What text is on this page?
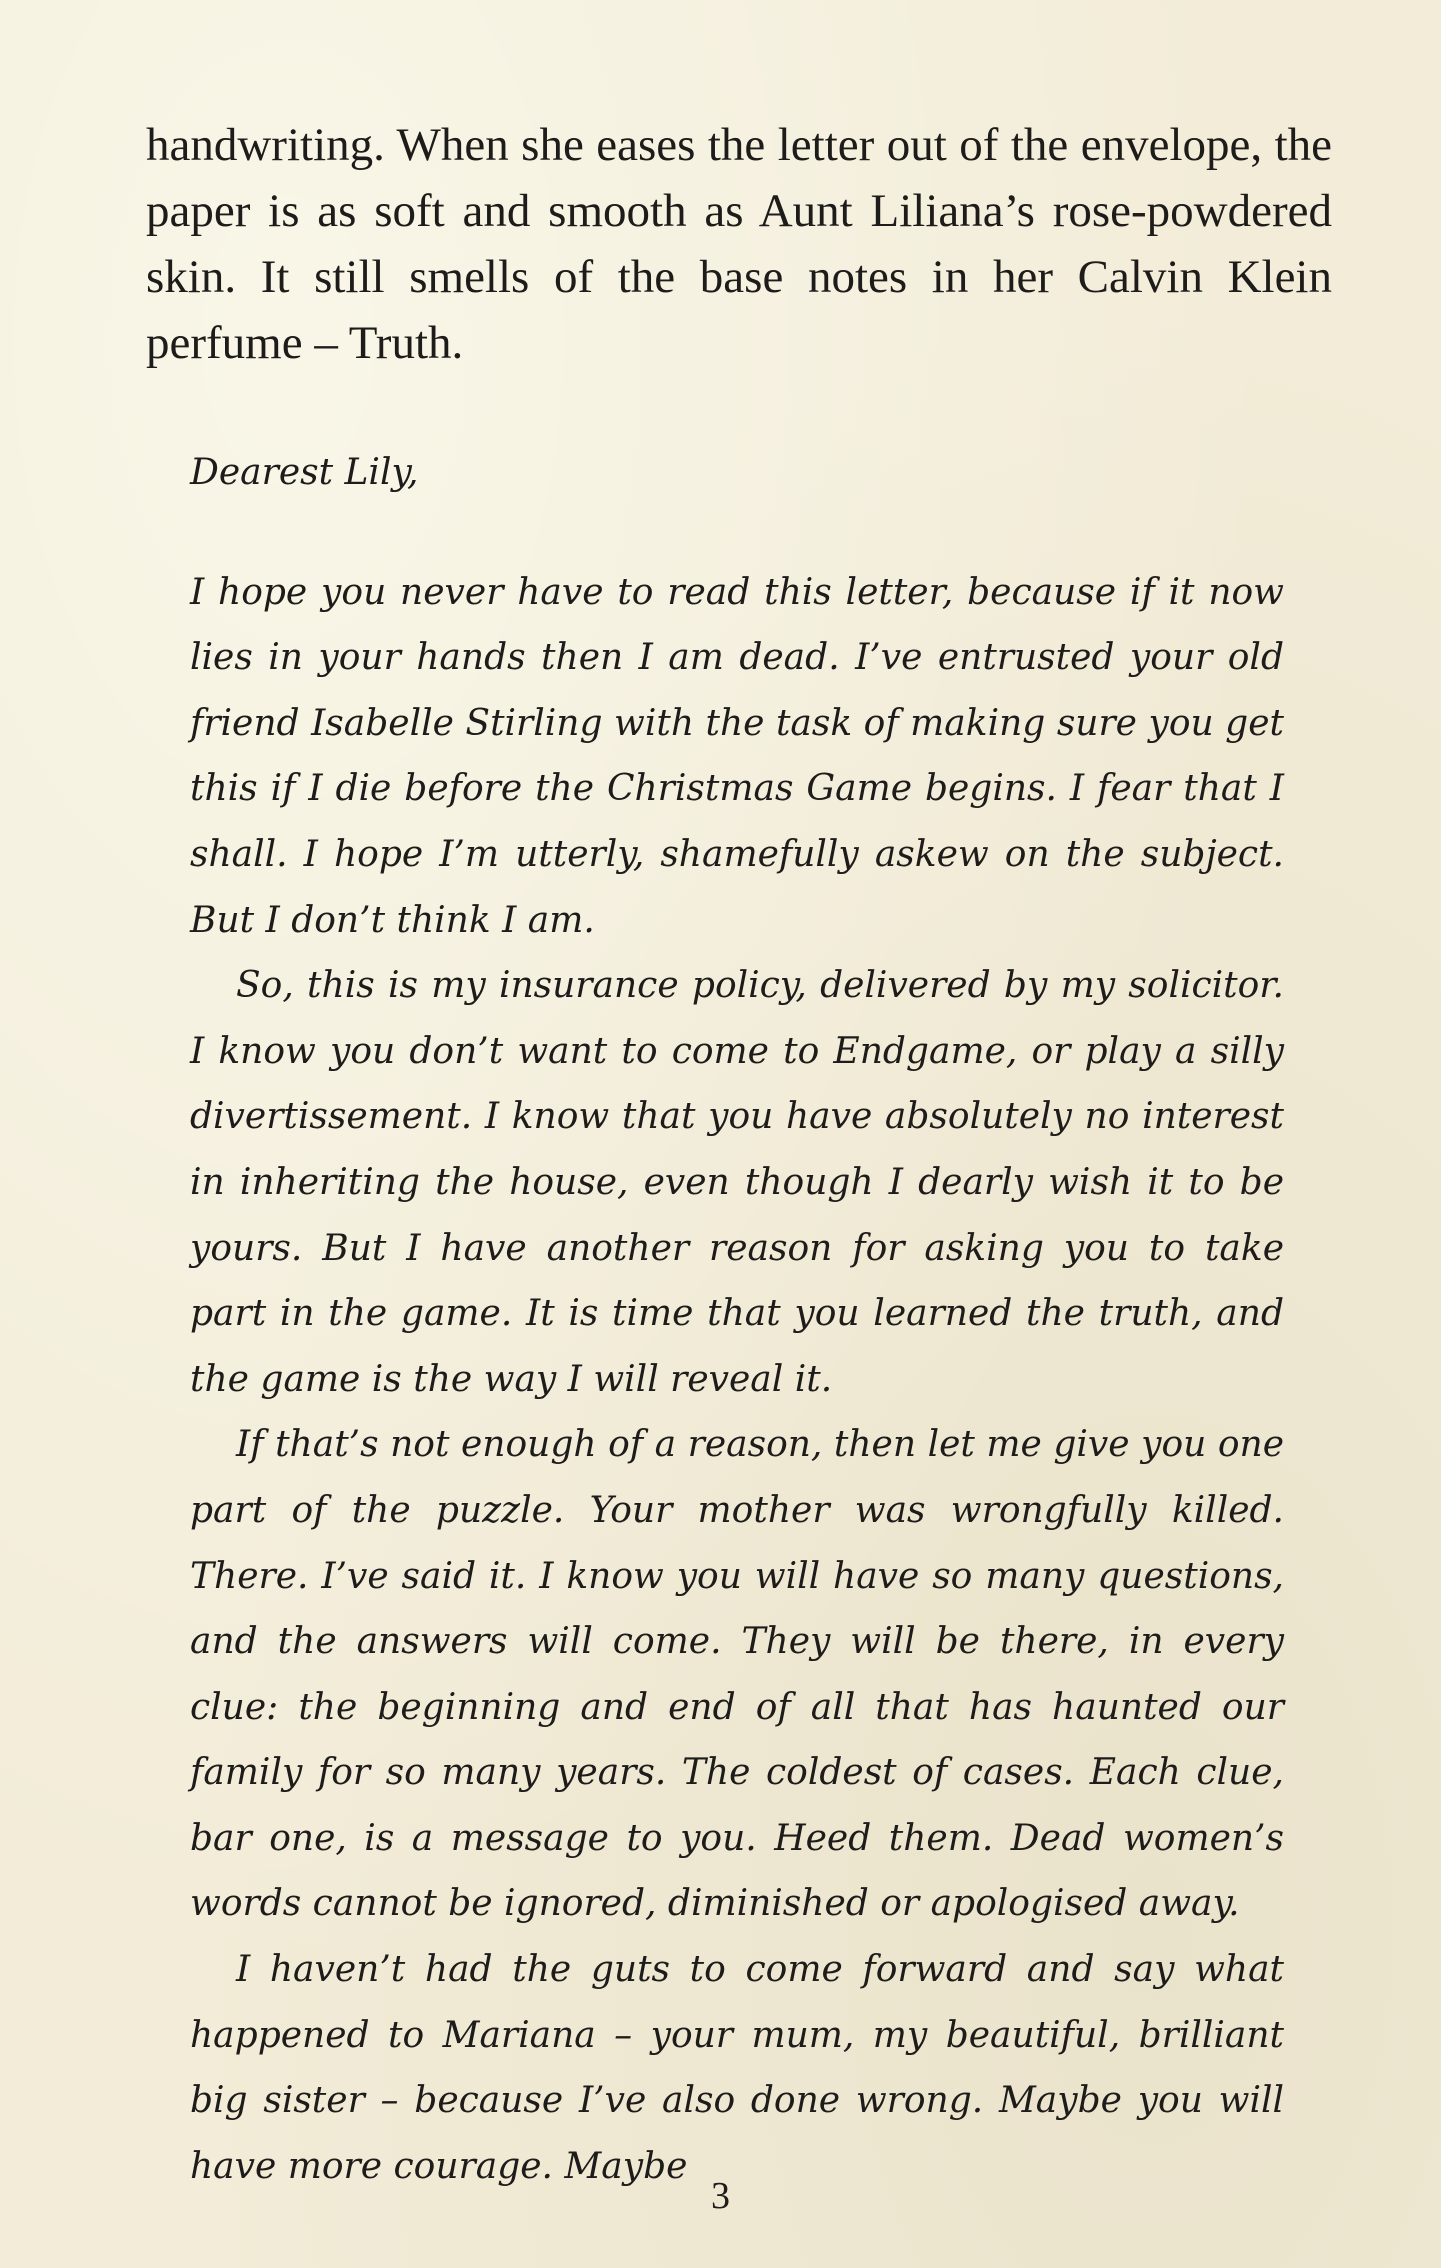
handwriting. When she eases the letter out of the envelope, the paper is as soft and smooth as Aunt Liliana’s rose-powdered skin. It still smells of the base notes in her Calvin Klein perfume – Truth.

Dearest Lily,

I hope you never have to read this letter, because if it now lies in your hands then I am dead. I’ve entrusted your old friend Isabelle Stirling with the task of making sure you get this if I die before the Christmas Game begins. I fear that I shall. I hope I’m utterly, shamefully askew on the subject. But I don’t think I am.

So, this is my insurance policy, delivered by my solicitor. I know you don’t want to come to Endgame, or play a silly divertissement. I know that you have absolutely no interest in inheriting the house, even though I dearly wish it to be yours. But I have another reason for asking you to take part in the game. It is time that you learned the truth, and the game is the way I will reveal it.

If that’s not enough of a reason, then let me give you one part of the puzzle. Your mother was wrongfully killed. There. I’ve said it. I know you will have so many questions, and the answers will come. They will be there, in every clue: the beginning and end of all that has haunted our family for so many years. The coldest of cases. Each clue, bar one, is a message to you. Heed them. Dead women’s words cannot be ignored, diminished or apologised away.

I haven’t had the guts to come forward and say what happened to Mariana – your mum, my beautiful, brilliant big sister – because I’ve also done wrong. Maybe you will have more courage. Maybe

3
